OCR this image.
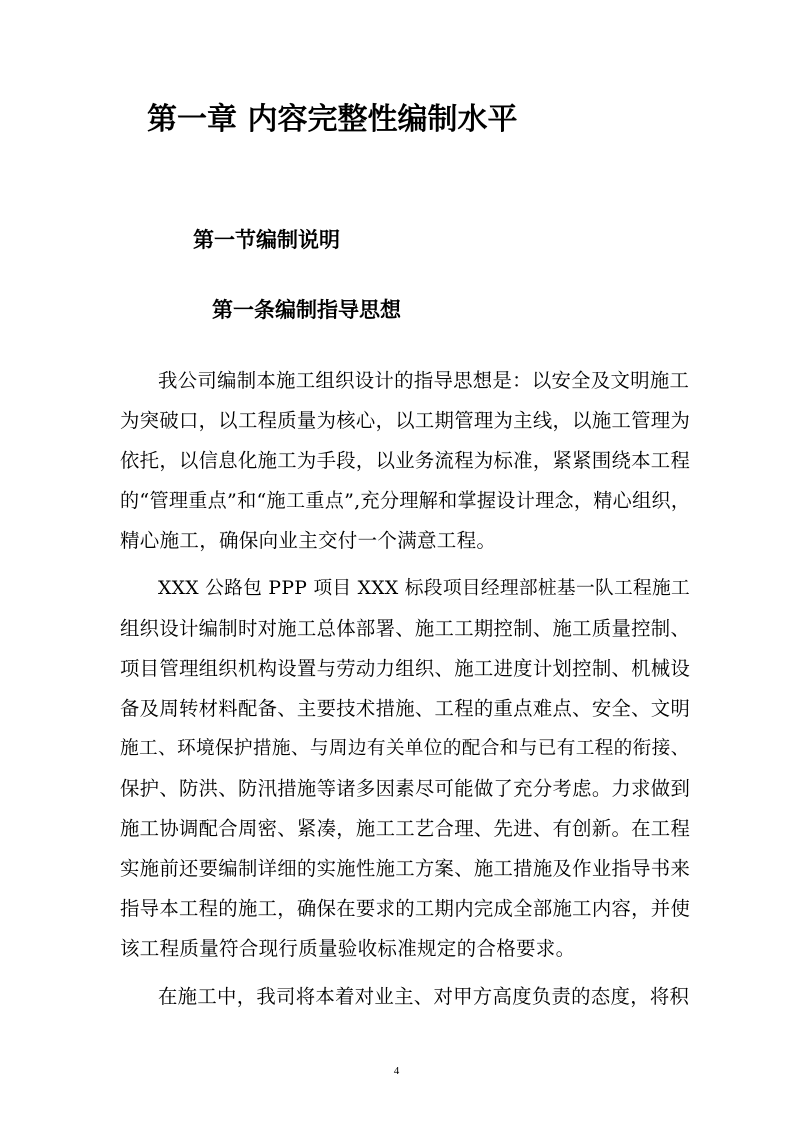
第一章 内容完整性编制水平
第一节编制说明
第一条编制指导思想
我公司编制本施工组织设计的指导思想是：以安全及文明施工
为突破口，以工程质量为核心，以工期管理为主线，以施工管理为
依托，以信息化施工为手段，以业务流程为标准，紧紧围绕本工程
的“管理重点”和“施工重点”,充分理解和掌握设计理念，精心组织，
精心施工，确保向业主交付一个满意工程。
XXX 公路包 PPP 项目 XXX 标段项目经理部桩基一队工程施工
组织设计编制时对施工总体部署、施工工期控制、施工质量控制、
项目管理组织机构设置与劳动力组织、施工进度计划控制、机械设
备及周转材料配备、主要技术措施、工程的重点难点、安全、文明
施工、环境保护措施、与周边有关单位的配合和与已有工程的衔接、
保护、防洪、防汛措施等诸多因素尽可能做了充分考虑。力求做到
施工协调配合周密、紧凑，施工工艺合理、先进、有创新。在工程
实施前还要编制详细的实施性施工方案、施工措施及作业指导书来
指导本工程的施工，确保在要求的工期内完成全部施工内容，并使
该工程质量符合现行质量验收标准规定的合格要求。
在施工中，我司将本着对业主、对甲方高度负责的态度，将积
4
